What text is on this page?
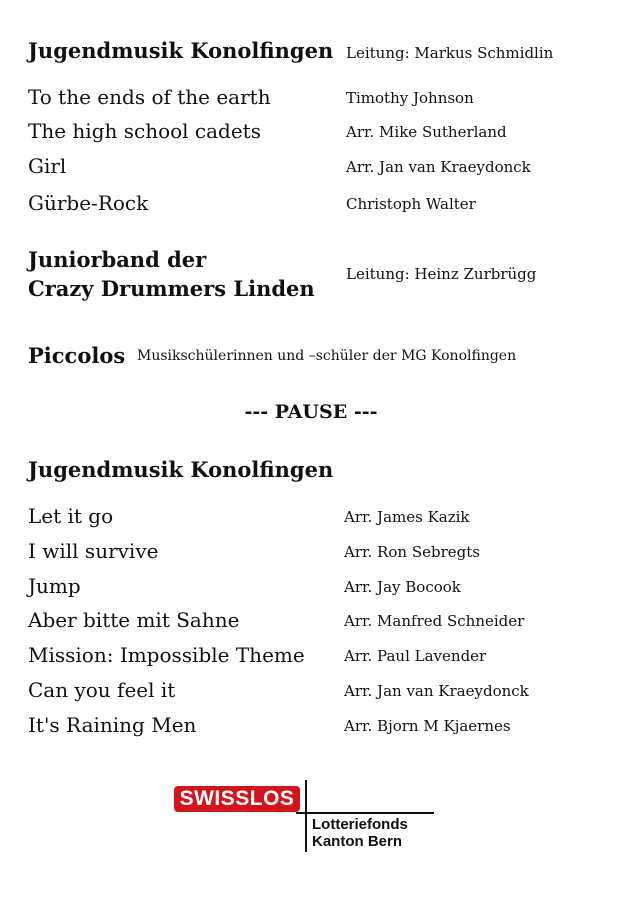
Jugendmusik Konolfingen Leitung: Markus Schmidlin
To the ends of the earth	Timothy Johnson
The high school cadets	Arr. Mike Sutherland
Girl	Arr. Jan van Kraeydonck
Gürbe-Rock	Christoph Walter
Juniorband der
Crazy Drummers Linden
Leitung: Heinz Zurbrügg
Piccolos Musikschülerinnen und –schüler der MG Konolfingen
--- PAUSE ---
Jugendmusik Konolfingen
Let it go	Arr. James Kazik
I will survive	Arr. Ron Sebregts
Jump	Arr. Jay Bocook
Aber bitte mit Sahne	Arr. Manfred Schneider
Mission: Impossible Theme	Arr. Paul Lavender
Can you feel it	Arr. Jan van Kraeydonck
It's Raining Men	Arr. Bjorn M Kjaernes
SWISSLOS
Lotteriefonds
Kanton Bern
